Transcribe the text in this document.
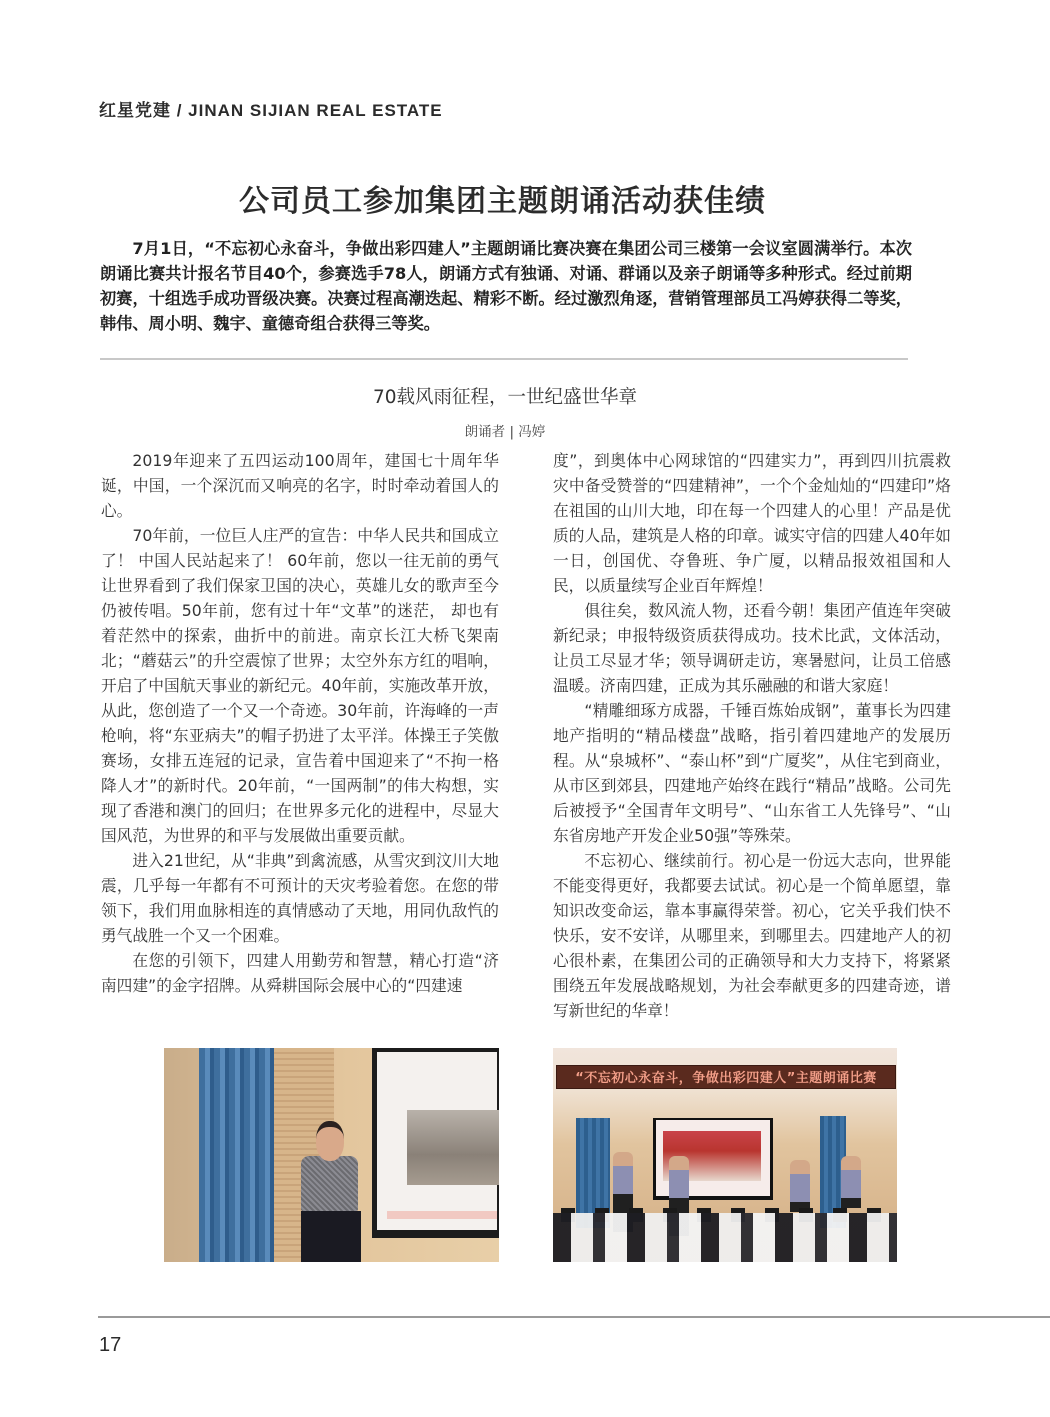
红星党建 / JINAN SIJIAN REAL ESTATE
公司员工参加集团主题朗诵活动获佳绩
7月1日，“不忘初心永奋斗，争做出彩四建人”主题朗诵比赛决赛在集团公司三楼第一会议室圆满举行。本次朗诵比赛共计报名节目40个，参赛选手78人，朗诵方式有独诵、对诵、群诵以及亲子朗诵等多种形式。经过前期初赛，十组选手成功晋级决赛。决赛过程高潮迭起、精彩不断。经过激烈角逐，营销管理部员工冯婷获得二等奖，韩伟、周小明、魏宇、童德奇组合获得三等奖。
70载风雨征程，一世纪盛世华章
朗诵者 | 冯婷

2019年迎来了五四运动100周年，建国七十周年华诞，中国，一个深沉而又响亮的名字，时时牵动着国人的心。

70年前，一位巨人庄严的宣告：中华人民共和国成立了！ 中国人民站起来了！ 60年前，您以一往无前的勇气让世界看到了我们保家卫国的决心，英雄儿女的歌声至今仍被传唱。50年前，您有过十年“文革”的迷茫， 却也有着茫然中的探索，曲折中的前进。南京长江大桥飞架南北；“蘑菇云”的升空震惊了世界；太空外东方红的唱响，开启了中国航天事业的新纪元。40年前，实施改革开放，从此，您创造了一个又一个奇迹。30年前，许海峰的一声枪响，将“东亚病夫”的帽子扔进了太平洋。体操王子笑傲赛场，女排五连冠的记录，宣告着中国迎来了“不拘一格降人才”的新时代。20年前，“一国两制”的伟大构想，实现了香港和澳门的回归；在世界多元化的进程中，尽显大国风范，为世界的和平与发展做出重要贡献。

进入21世纪，从“非典”到禽流感，从雪灾到汶川大地震，几乎每一年都有不可预计的天灾考验着您。在您的带领下，我们用血脉相连的真情感动了天地，用同仇敌忾的勇气战胜一个又一个困难。

在您的引领下，四建人用勤劳和智慧，精心打造“济南四建”的金字招牌。从舜耕国际会展中心的“四建速

度”，到奥体中心网球馆的“四建实力”，再到四川抗震救灾中备受赞誉的“四建精神”，一个个金灿灿的“四建印”烙在祖国的山川大地，印在每一个四建人的心里！产品是优质的人品，建筑是人格的印章。诚实守信的四建人40年如一日，创国优、夺鲁班、争广厦，以精品报效祖国和人民，以质量续写企业百年辉煌！

俱往矣，数风流人物，还看今朝！集团产值连年突破新纪录；申报特级资质获得成功。技术比武，文体活动，让员工尽显才华；领导调研走访，寒暑慰问，让员工倍感温暖。济南四建，正成为其乐融融的和谐大家庭！

“精雕细琢方成器，千锤百炼始成钢”，董事长为四建地产指明的“精品楼盘”战略，指引着四建地产的发展历程。从“泉城杯”、“泰山杯”到“广厦奖”，从住宅到商业，从市区到郊县，四建地产始终在践行“精品”战略。公司先后被授予“全国青年文明号”、“山东省工人先锋号”、“山东省房地产开发企业50强”等殊荣。

不忘初心、继续前行。初心是一份远大志向，世界能不能变得更好，我都要去试试。初心是一个简单愿望，靠知识改变命运，靠本事赢得荣誉。初心，它关乎我们快不快乐，安不安详，从哪里来，到哪里去。四建地产人的初心很朴素，在集团公司的正确领导和大力支持下，将紧紧围绕五年发展战略规划，为社会奉献更多的四建奇迹，谱写新世纪的华章！

“不忘初心永奋斗，争做出彩四建人”主题朗诵比赛
17
